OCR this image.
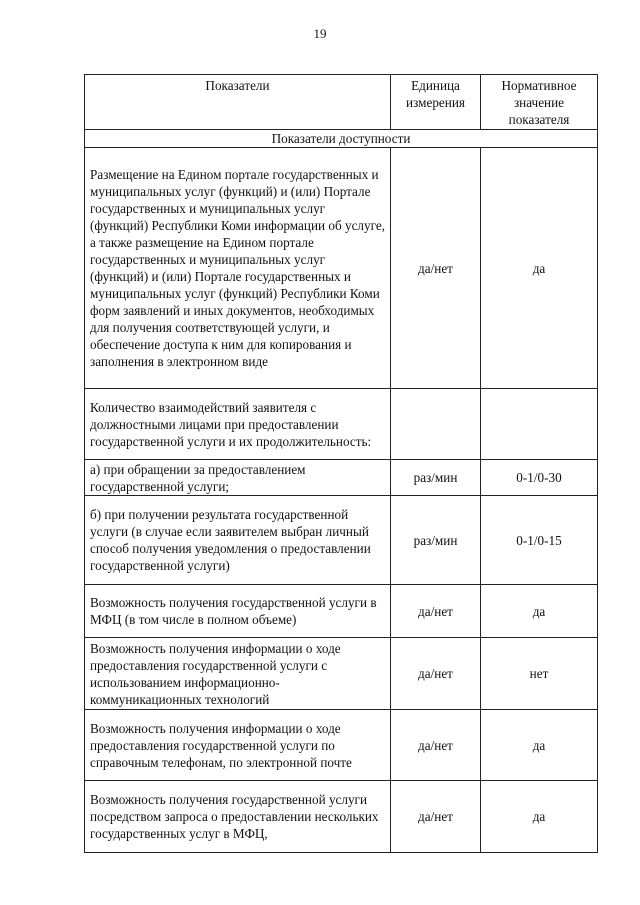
19
Показатели	Единица измерения	Нормативное значение показателя
Показатели доступности		
Размещение на Едином портале государственных и муниципальных услуг (функций) и (или) Портале государственных и муниципальных услуг (функций) Республики Коми информации об услуге, а также размещение на Едином портале государственных и муниципальных услуг (функций) и (или) Портале государственных и муниципальных услуг (функций) Республики Коми форм заявлений и иных документов, необходимых для получения соответствующей услуги, и обеспечение доступа к ним для копирования и заполнения в электронном виде	да/нет	да
Количество взаимодействий заявителя с должностными лицами при предоставлении государственной услуги и их продолжительность:		
а) при обращении за предоставлением государственной услуги;	раз/мин	0-1/0-30
б) при получении результата государственной услуги (в случае если заявителем выбран личный способ получения уведомления о предоставлении государственной услуги)	раз/мин	0-1/0-15
Возможность получения государственной услуги в МФЦ (в том числе в полном объеме)	да/нет	да
Возможность получения информации о ходе предоставления государственной услуги с использованием информационно-коммуникационных технологий	да/нет	нет
Возможность получения информации о ходе предоставления государственной услуги по справочным телефонам, по электронной почте	да/нет	да
Возможность получения государственной услуги посредством запроса о предоставлении нескольких государственных услуг в МФЦ,	да/нет	да
